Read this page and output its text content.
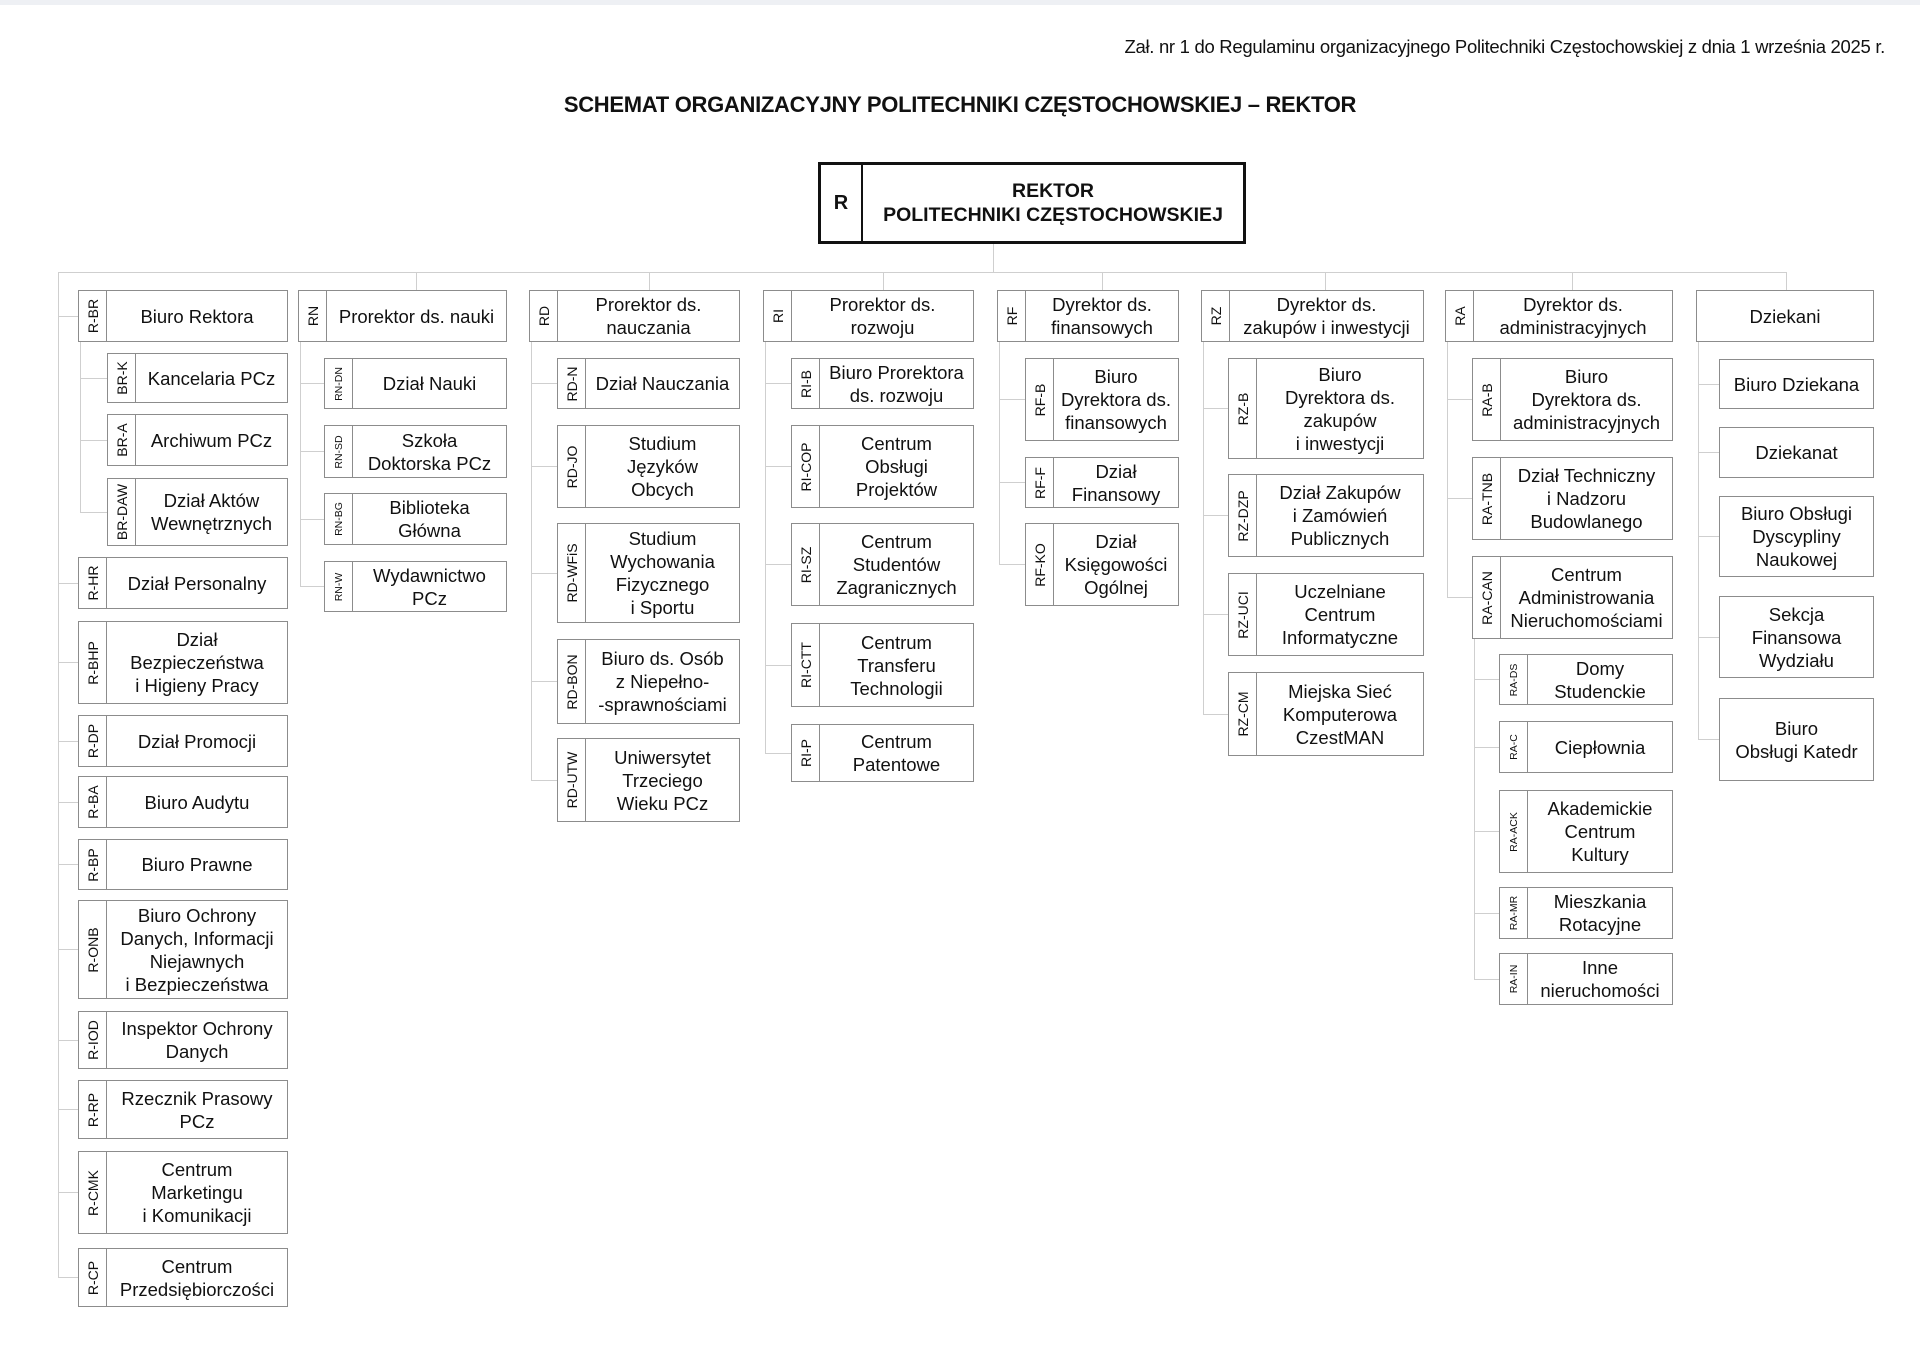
Zał. nr 1 do Regulaminu organizacyjnego Politechniki Częstochowskiej z dnia 1 września 2025 r.
SCHEMAT ORGANIZACYJNY POLITECHNIKI CZĘSTOCHOWSKIEJ – REKTOR
R
REKTOR
POLITECHNIKI CZĘSTOCHOWSKIEJ
R-BR	Biuro Rektora
BR-K Kancelaria PCz
BR-A	Archiwum PCz
BR-DAW	Dział Aktów
Wewnętrznych
R-HR	Dział Personalny
R-BHP
Dział
Bezpieczeństwa
i Higieny Pracy
R-DP	Dział Promocji
R-BA	Biuro Audytu
R-BP	Biuro Prawne
R-ONB
Biuro Ochrony
Danych, Informacji
Niejawnych
i Bezpieczeństwa
R-IOD	Inspektor Ochrony
Danych
R-RP	Rzecznik Prasowy
PCz
R-CMK
Centrum
Marketingu
i Komunikacji
R-CP	Centrum
Przedsiębiorczości
RN Prorektor ds. nauki
RN-DN	Dział Nauki
RN-SD	Szkoła
Doktorska PCz
RN-BG	Biblioteka
Główna
RN-W	Wydawnictwo
PCz
RD
Prorektor ds.
nauczania
RD-N Dział Nauczania
RD-JO
Studium
Języków
Obcych
RD-WFiS
Studium
Wychowania
Fizycznego
i Sportu
RD-BON	Biuro ds. Osób
z Niepełno-
-sprawnościami
RD-UTW	Uniwersytet
Trzeciego
Wieku PCz
RI
Prorektor ds.
rozwoju
RI-B Biuro Prorektora
ds. rozwoju
RI-COP	Centrum
Obsługi
Projektów
RI-SZ
Centrum
Studentów
Zagranicznych
RI-CTT
Centrum
Transferu
Technologii
RI-P	Centrum
Patentowe
RF
Dyrektor ds.
finansowych
RF-B
Biuro
Dyrektora ds.
finansowych
RF-F	Dział
Finansowy
RF-KO
Dział
Księgowości
Ogólnej
RZ
Dyrektor ds.
zakupów i inwestycji
RZ-B
Biuro
Dyrektora ds.
zakupów
i inwestycji
RZ-DZP	Dział Zakupów
i Zamówień
Publicznych
RZ-UCI	Uczelniane
Centrum
Informatyczne
RZ-CM
Miejska Sieć
Komputerowa
CzestMAN
RA
Dyrektor ds.
administracyjnych
RA-B
Biuro
Dyrektora ds.
administracyjnych
RA-TNB	Dział Techniczny
i Nadzoru
Budowlanego
RA-CAN	Centrum
Administrowania
Nieruchomościami
RA-DS	Domy
Studenckie
RA-C	Ciepłownia
RA-ACK
Akademickie
Centrum
Kultury
RA-MR	Mieszkania
Rotacyjne
RA-IN	Inne
nieruchomości
Dziekani
Biuro Dziekana
Dziekanat
Biuro Obsługi
Dyscypliny
Naukowej
Sekcja
Finansowa
Wydziału
Biuro
Obsługi Katedr
